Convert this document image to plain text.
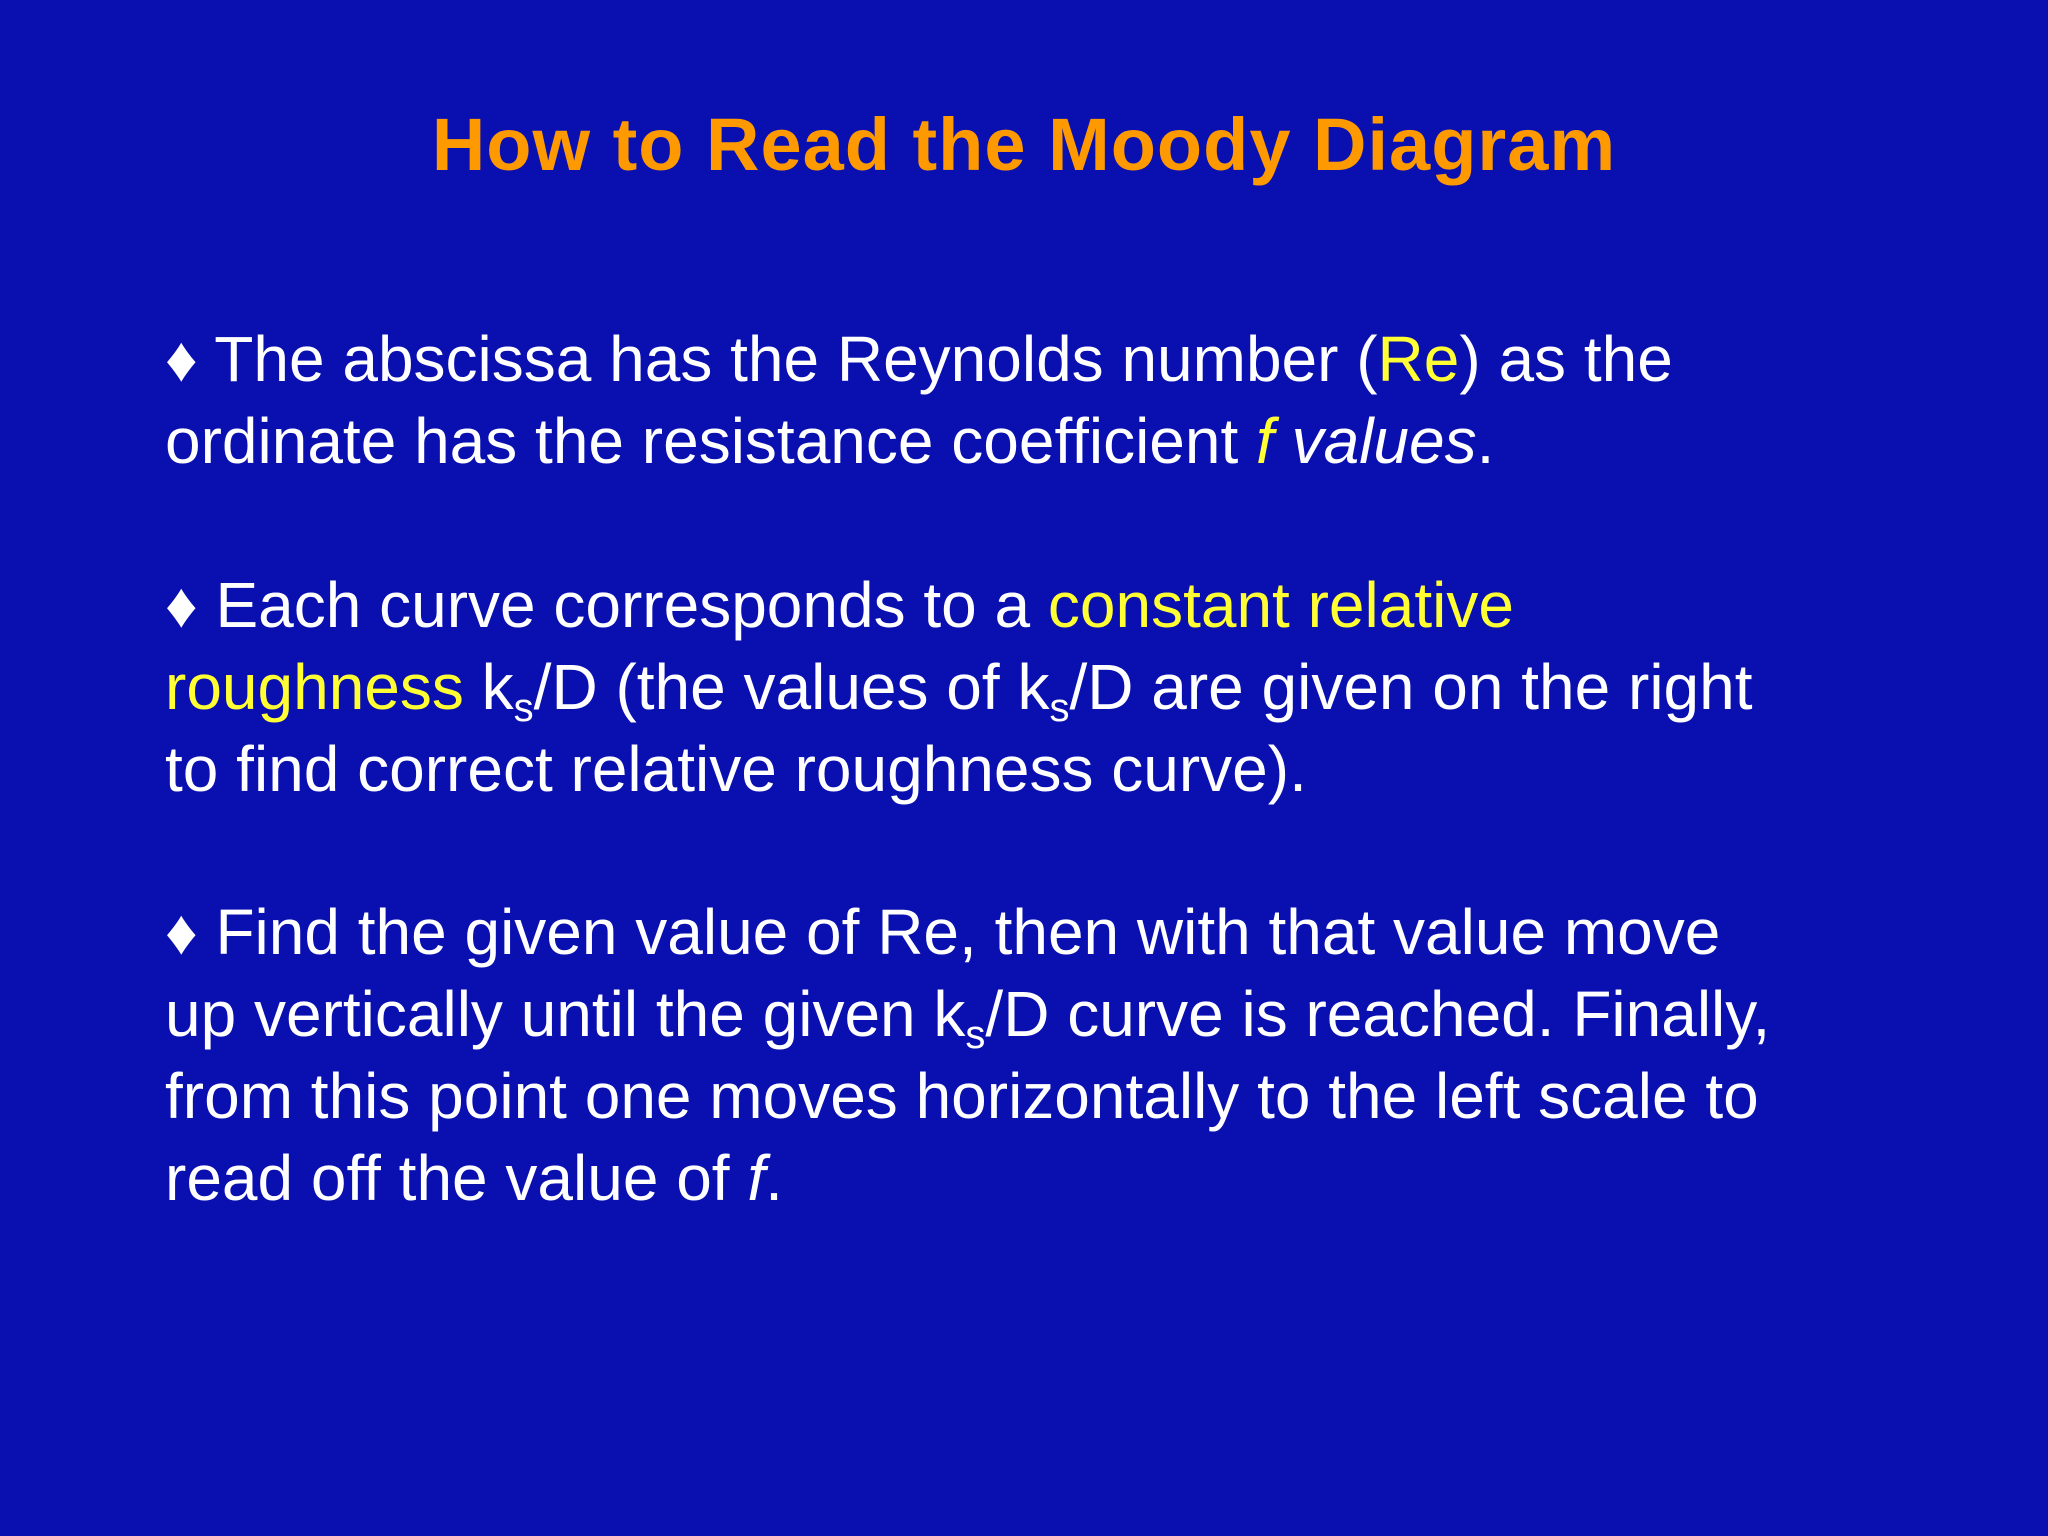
How to Read the Moody Diagram
♦ The abscissa has the Reynolds number (Re) as the
ordinate has the resistance coefficient f values.
♦ Each curve corresponds to a constant relative
roughness $k_s/D$ (the values of $k_s/D$ are given on the right
to find correct relative roughness curve).
♦ Find the given value of Re, then with that value move
up vertically until the given $k_s/D$ curve is reached. Finally,
from this point one moves horizontally to the left scale to
read off the value of f.
